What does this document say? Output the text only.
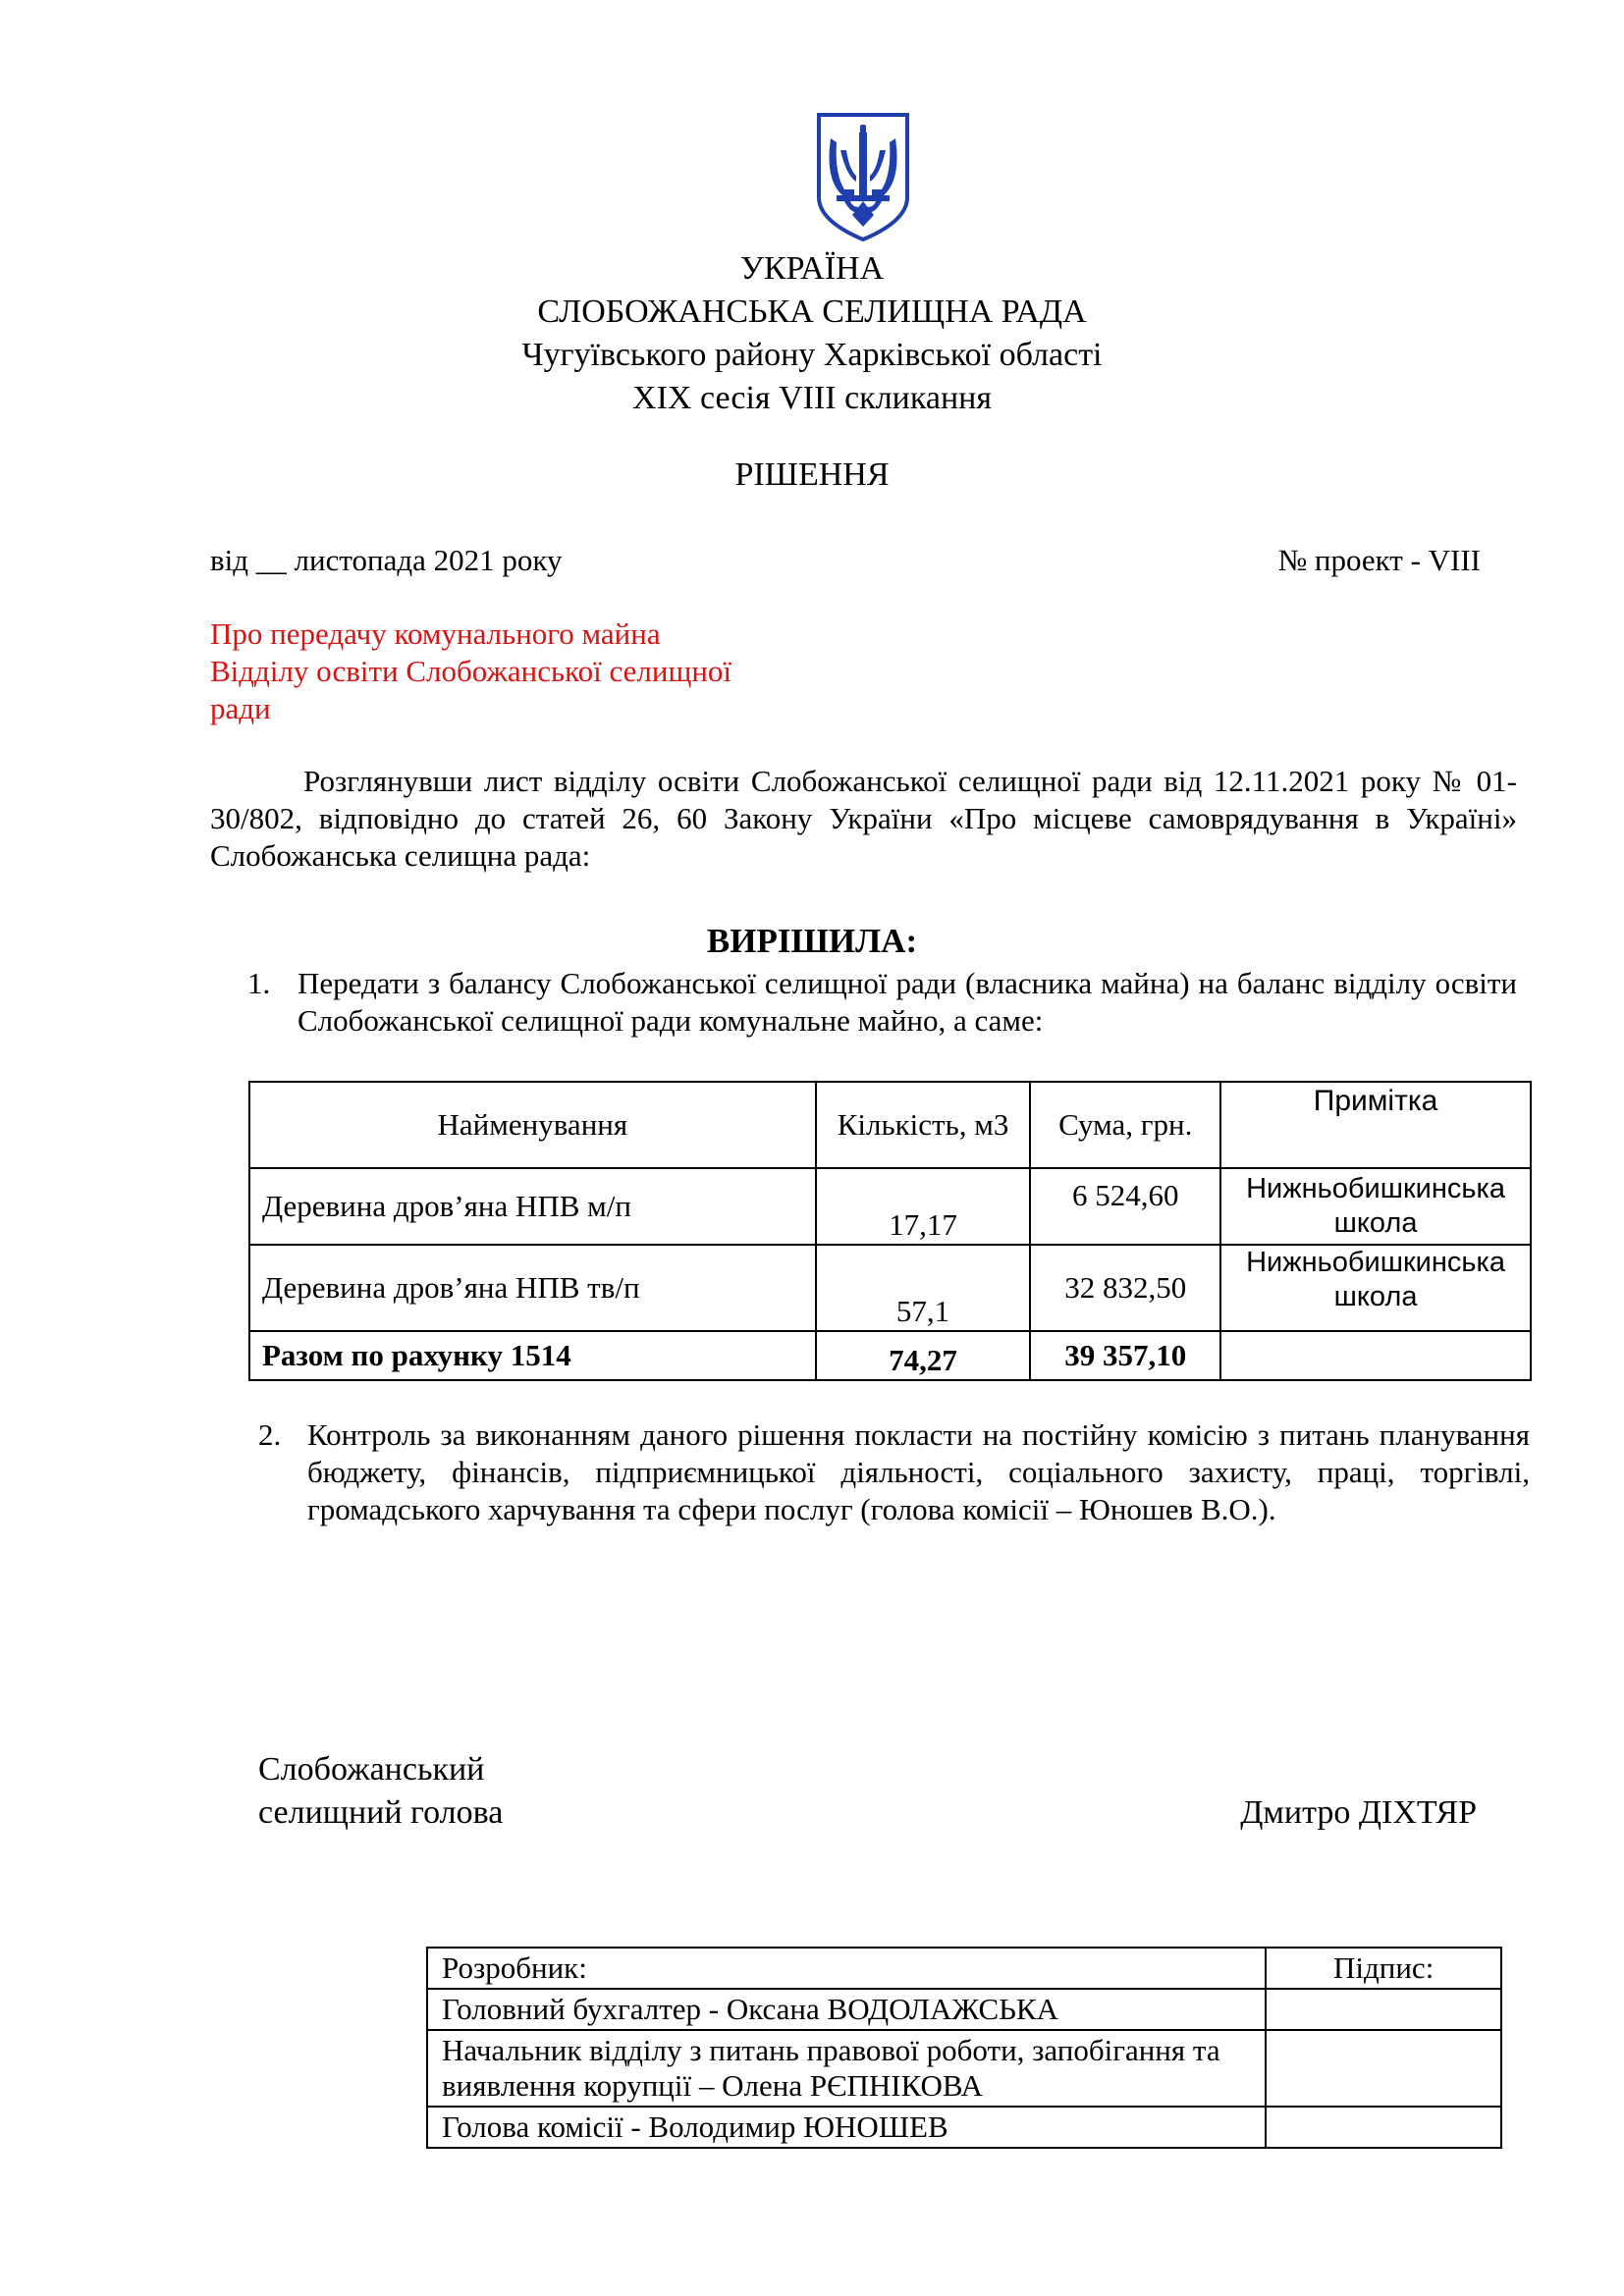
УКРАЇНА
СЛОБОЖАНСЬКА СЕЛИЩНА РАДА
Чугуївського району Харківської області
XIX сесія VIII скликання
РІШЕННЯ
від __ листопада 2021 року	№ проект - VIII
Про передачу комунального майна
Відділу освіти Слобожанської селищної
ради
Розглянувши лист відділу освіти Слобожанської селищної ради від 12.11.2021 року № 01-30/802, відповідно до статей 26, 60 Закону України «Про місцеве самоврядування в Україні» Слобожанська селищна рада:
ВИРІШИЛА:
1. Передати з балансу Слобожанської селищної ради (власника майна) на баланс відділу освіти Слобожанської селищної ради комунальне майно, а саме:
Найменування	Кількість, м3	Сума, грн.	Примітка
Деревина дров’яна НПВ м/п	17,17	6 524,60	Нижньобишкинська школа
Деревина дров’яна НПВ тв/п	57,1	32 832,50	Нижньобишкинська школа
Разом по рахунку 1514	74,27	39 357,10	
2. Контроль за виконанням даного рішення покласти на постійну комісію з питань планування бюджету, фінансів, підприємницької діяльності, соціального захисту, праці, торгівлі, громадського харчування та сфери послуг (голова комісії – Юношев В.О.).
Слобожанський
селищний голова	Дмитро ДІХТЯР
Розробник:	Підпис:
Головний бухгалтер - Оксана ВОДОЛАЖСЬКА	
Начальник відділу з питань правової роботи, запобігання та виявлення корупції – Олена РЄПНІКОВА	
Голова комісії - Володимир ЮНОШЕВ	
